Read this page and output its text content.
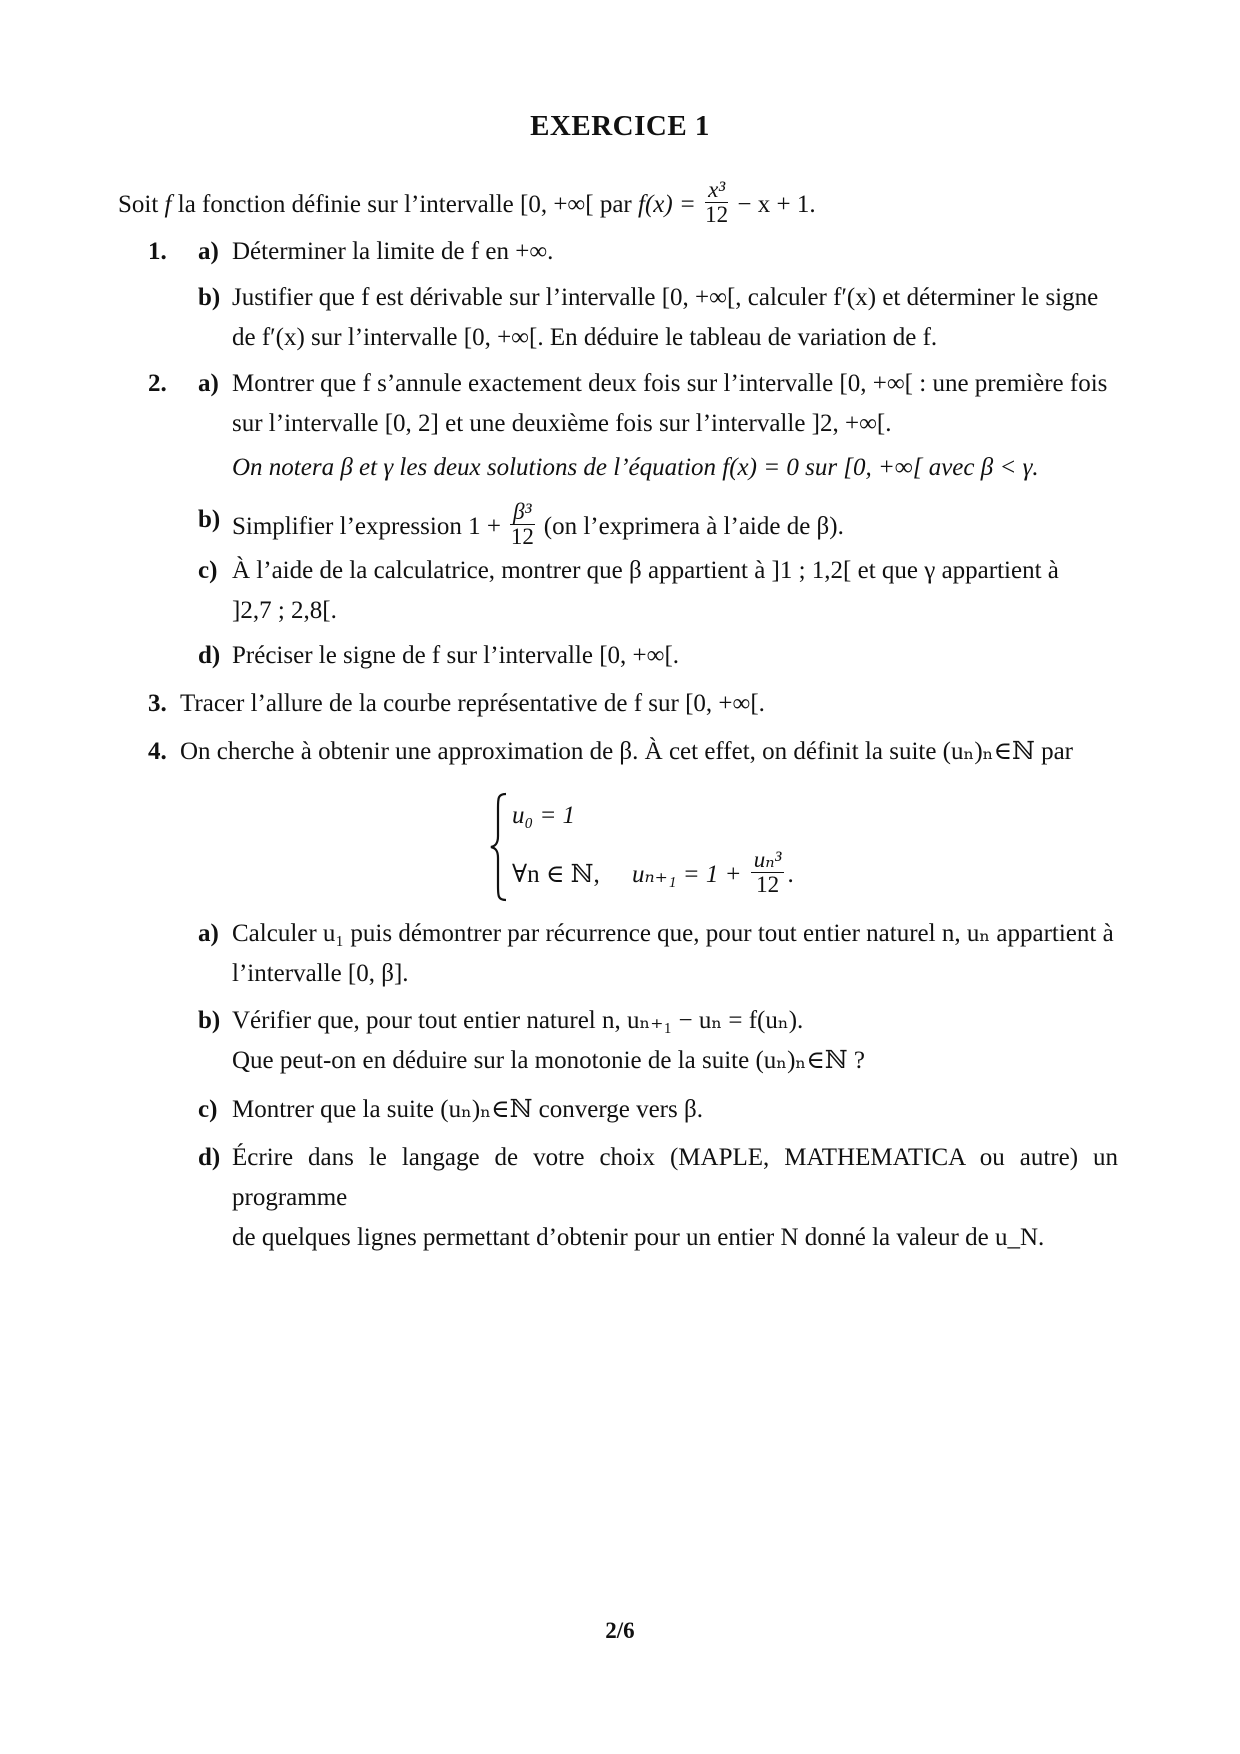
EXERCICE 1
Soit f la fonction définie sur l’intervalle [0, +∞[ par $f(x) = \frac{\text{x³}}{12} - x + 1$.
1. a) Déterminer la limite de f en +∞.
b) Justifier que f est dérivable sur l’intervalle [0, +∞[, calculer f′(x) et déterminer le signe

de f′(x) sur l’intervalle [0, +∞[. En déduire le tableau de variation de f.

2. a) Montrer que f s’annule exactement deux fois sur l’intervalle [0, +∞[ : une première fois

sur l’intervalle [0, 2] et une deuxième fois sur l’intervalle ]2, +∞[.

On notera β et γ les deux solutions de l’équation f(x) = 0 sur [0, +∞[ avec β < γ.
b) Simplifier l’expression $1 + \frac{\text{β³}}{12} (on$ l’exprimera à l’aide de β).
c) À l’aide de la calculatrice, montrer que β appartient à ]1 ; 1,2[ et que γ appartient à

]2,7 ; 2,8[.

d) Préciser le signe de f sur l’intervalle [0, +∞[.
3. Tracer l’allure de la courbe représentative de f sur [0, +∞[.
4. On cherche à obtenir une approximation de β. À cet effet, on définit la suite (uₙ)ₙ∈ℕ par
u₀ = 1
∀n ∈ ℕ, $u_{n+1} = 1 + \frac{\text{uₙ³}}{12}$ .
a) Calculer u₁ puis démontrer par récurrence que, pour tout entier naturel n, uₙ appartient à

l’intervalle [0, β].

b) Vérifier que, pour tout entier naturel n, uₙ₊₁ − uₙ = f(uₙ).

Que peut-on en déduire sur la monotonie de la suite (uₙ)ₙ∈ℕ ?

c) Montrer que la suite (uₙ)ₙ∈ℕ converge vers β.
d) Écrire dans le langage de votre choix (MAPLE, MATHEMATICA ou autre) un programme

de quelques lignes permettant d’obtenir pour un entier N donné la valeur de u_N.

2/6
